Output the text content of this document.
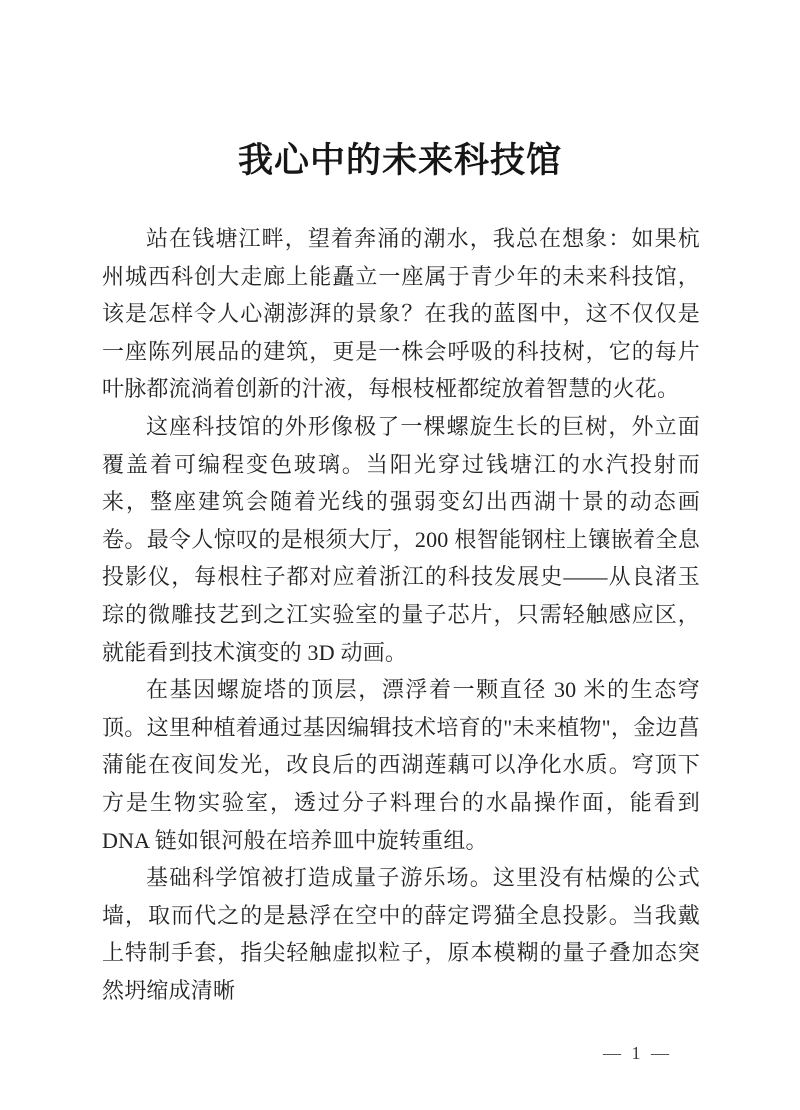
我心中的未来科技馆

站在钱塘江畔，望着奔涌的潮水，我总在想象：如果杭州城西科创大走廊上能矗立一座属于青少年的未来科技馆，该是怎样令人心潮澎湃的景象？在我的蓝图中，这不仅仅是一座陈列展品的建筑，更是一株会呼吸的科技树，它的每片叶脉都流淌着创新的汁液，每根枝桠都绽放着智慧的火花。

这座科技馆的外形像极了一棵螺旋生长的巨树，外立面覆盖着可编程变色玻璃。当阳光穿过钱塘江的水汽投射而来，整座建筑会随着光线的强弱变幻出西湖十景的动态画卷。最令人惊叹的是根须大厅，200 根智能钢柱上镶嵌着全息投影仪，每根柱子都对应着浙江的科技发展史——从良渚玉琮的微雕技艺到之江实验室的量子芯片，只需轻触感应区，就能看到技术演变的 3D 动画。

在基因螺旋塔的顶层，漂浮着一颗直径 30 米的生态穹顶。这里种植着通过基因编辑技术培育的"未来植物"，金边菖蒲能在夜间发光，改良后的西湖莲藕可以净化水质。穹顶下方是生物实验室，透过分子料理台的水晶操作面，能看到 DNA 链如银河般在培养皿中旋转重组。

基础科学馆被打造成量子游乐场。这里没有枯燥的公式墙，取而代之的是悬浮在空中的薛定谔猫全息投影。当我戴上特制手套，指尖轻触虚拟粒子，原本模糊的量子叠加态突然坍缩成清晰

— 1 —
